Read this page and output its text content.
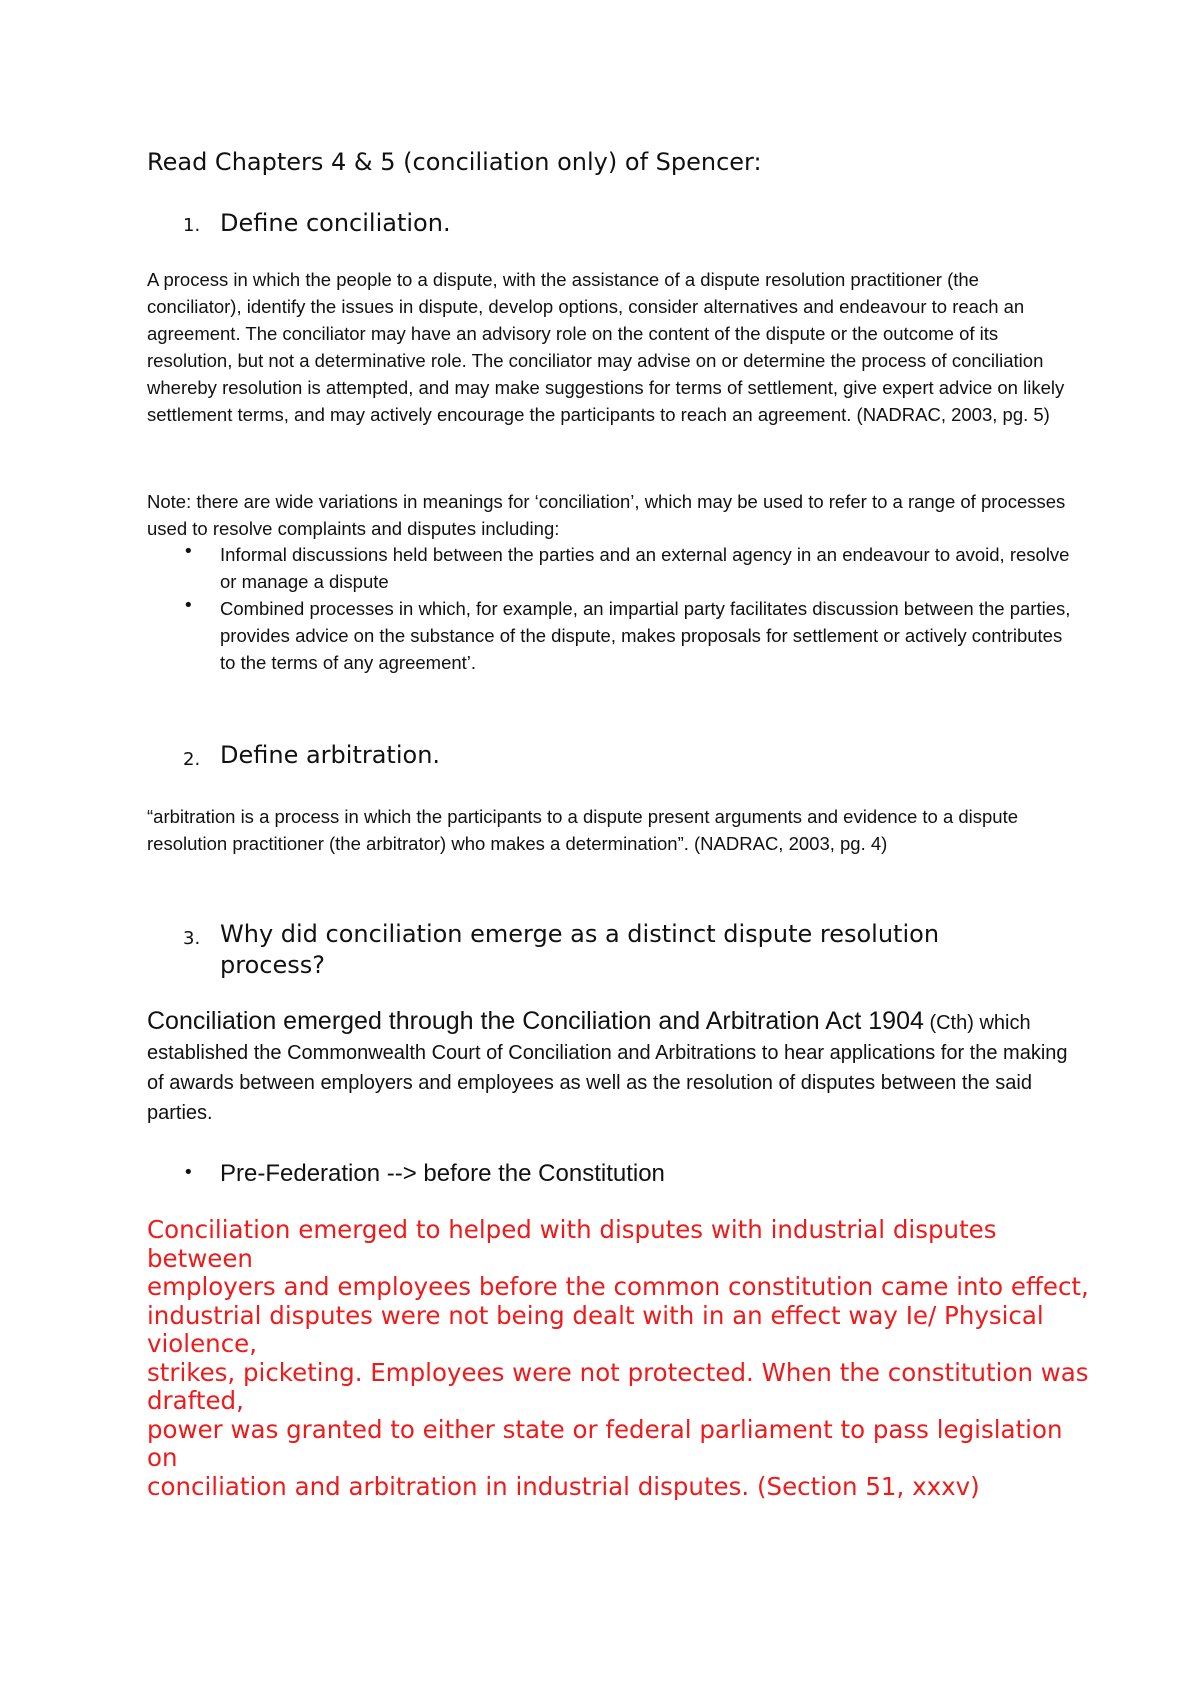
Read Chapters 4 & 5 (conciliation only) of Spencer:

1. Define conciliation.

A process in which the people to a dispute, with the assistance of a dispute resolution practitioner (the conciliator), identify the issues in dispute, develop options, consider alternatives and endeavour to reach an agreement. The conciliator may have an advisory role on the content of the dispute or the outcome of its resolution, but not a determinative role. The conciliator may advise on or determine the process of conciliation whereby resolution is attempted, and may make suggestions for terms of settlement, give expert advice on likely settlement terms, and may actively encourage the participants to reach an agreement. (NADRAC, 2003, pg. 5)

Note: there are wide variations in meanings for ‘conciliation’, which may be used to refer to a range of processes used to resolve complaints and disputes including:

• Informal discussions held between the parties and an external agency in an endeavour to avoid, resolve or manage a dispute

• Combined processes in which, for example, an impartial party facilitates discussion between the parties, provides advice on the substance of the dispute, makes proposals for settlement or actively contributes to the terms of any agreement’.

2. Define arbitration.

“arbitration is a process in which the participants to a dispute present arguments and evidence to a dispute resolution practitioner (the arbitrator) who makes a determination”. (NADRAC, 2003, pg. 4)

3. Why did conciliation emerge as a distinct dispute resolution process?

Conciliation emerged through the Conciliation and Arbitration Act 1904 (Cth) which established the Commonwealth Court of Conciliation and Arbitrations to hear applications for the making of awards between employers and employees as well as the resolution of disputes between the said parties.
• Pre-Federation --> before the Constitution

Conciliation emerged to helped with disputes with industrial disputes between
employers and employees before the common constitution came into effect,
industrial disputes were not being dealt with in an effect way Ie/ Physical violence,
strikes, picketing. Employees were not protected. When the constitution was drafted,
power was granted to either state or federal parliament to pass legislation on
conciliation and arbitration in industrial disputes. (Section 51, xxxv)
